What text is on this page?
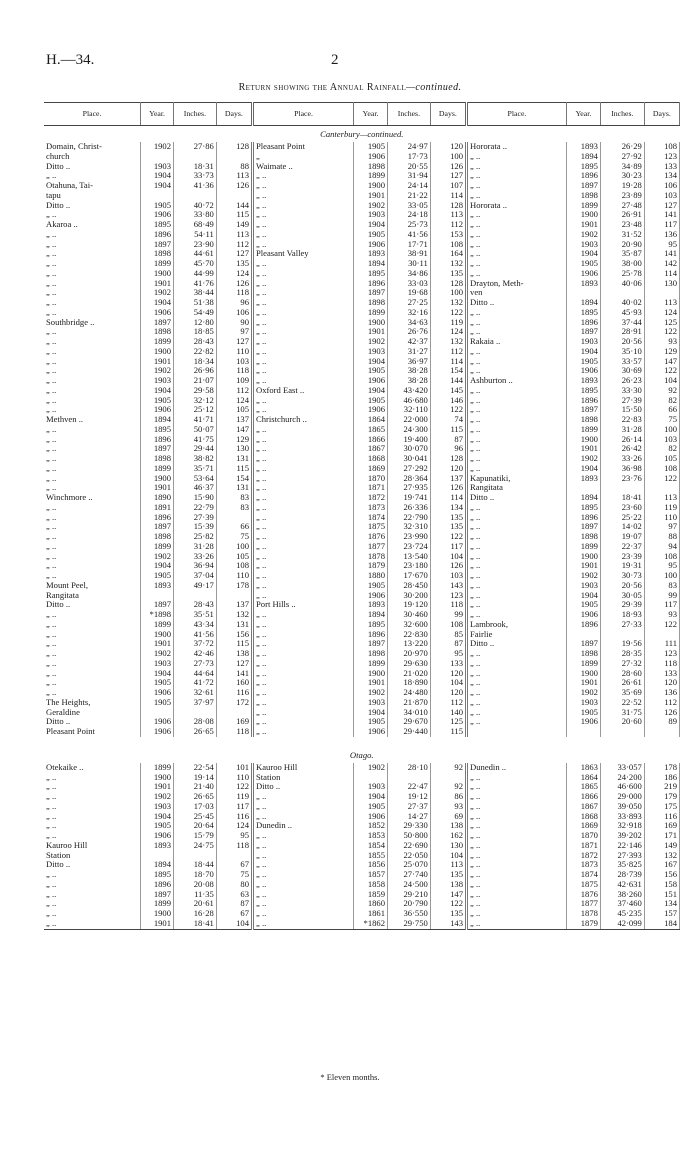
H.—34.	2
Return showing the Annual Rainfall—continued.
Place.	Year.	Inches.	Days.	Place.	Year.	Inches.	Days.	Place.	Year.	Inches.	Days.
Canterbury—continued.											
Domain, Christ-	1902	27·86	128	Pleasant Point	1905	24·97	120	Hororata ..	1893	26·29	108
church				„	1906	17·73	100	„ ..	1894	27·92	123
Ditto ..	1903	18·31	88	Waimate ..	1898	20·55	126	„ ..	1895	34·89	133
„ ..	1904	33·73	113	„ ..	1899	31·94	127	„ ..	1896	30·23	134
Otahuna, Tai-	1904	41·36	126	„ ..	1900	24·14	107	„ ..	1897	19·28	106
tapu				„ ..	1901	21·22	114	„ ..	1898	23·89	103
Ditto ..	1905	40·72	144	„ ..	1902	33·05	128	Hororata ..	1899	27·48	127
„ ..	1906	33·80	115	„ ..	1903	24·18	113	„ ..	1900	26·91	141
Akaroa ..	1895	68·49	149	„ ..	1904	25·73	112	„ ..	1901	23·48	117
„ ..	1896	54·11	113	„ ..	1905	41·56	153	„ ..	1902	31·52	136
„ ..	1897	23·90	112	„ ..	1906	17·71	108	„ ..	1903	20·90	95
„ ..	1898	44·61	127	Pleasant Valley	1893	38·91	164	„ ..	1904	35·87	141
„ ..	1899	45·70	135	„ ..	1894	30·11	132	„ ..	1905	38·00	142
„ ..	1900	44·99	124	„ ..	1895	34·86	135	„ ..	1906	25·78	114
„ ..	1901	41·76	126	„ ..	1896	33·03	128	Drayton, Meth-	1893	40·06	130
„ ..	1902	38·44	118	„ ..	1897	19·68	100	ven			
„ ..	1904	51·38	96	„ ..	1898	27·25	132	Ditto ..	1894	40·02	113
„ ..	1906	54·49	106	„ ..	1899	32·16	122	„ ..	1895	45·93	124
Southbridge ..	1897	12·80	90	„ ..	1900	34·63	119	„ ..	1896	37·44	125
„ ..	1898	18·85	97	„ ..	1901	26·76	124	„ ..	1897	28·91	122
„ ..	1899	28·43	127	„ ..	1902	42·37	132	Rakaia ..	1903	20·56	93
„ ..	1900	22·82	110	„ ..	1903	31·27	112	„ ..	1904	35·10	129
„ ..	1901	18·34	103	„ ..	1904	36·97	114	„ ..	1905	33·57	147
„ ..	1902	26·96	118	„ ..	1905	38·28	154	„ ..	1906	30·69	122
„ ..	1903	21·07	109	„ ..	1906	38·28	144	Ashburton ..	1893	26·23	104
„ ..	1904	29·58	112	Oxford East ..	1904	43·420	145	„ ..	1895	33·30	92
„ ..	1905	32·12	124	„ ..	1905	46·680	146	„ ..	1896	27·39	82
„ ..	1906	25·12	105	„ ..	1906	32·110	122	„ ..	1897	15·50	66
Methven ..	1894	41·71	137	Christchurch ..	1864	22·000	74	„ ..	1898	22·83	75
„ ..	1895	50·07	147	„ ..	1865	24·300	115	„ ..	1899	31·28	100
„ ..	1896	41·75	129	„ ..	1866	19·400	87	„ ..	1900	26·14	103
„ ..	1897	29·44	130	„ ..	1867	30·070	96	„ ..	1901	26·42	82
„ ..	1898	38·82	131	„ ..	1868	30·041	128	„ ..	1902	33·26	105
„ ..	1899	35·71	115	„ ..	1869	27·292	120	„ ..	1904	36·98	108
„ ..	1900	53·64	154	„ ..	1870	28·364	137	Kapunatiki,	1893	23·76	122
„ ..	1901	46·37	131	„ ..	1871	27·935	126	Rangitata			
Winchmore ..	1890	15·90	83	„ ..	1872	19·741	114	Ditto ..	1894	18·41	113
„ ..	1891	22·79	83	„ ..	1873	26·336	134	„ ..	1895	23·60	119
„ ..	1896	27·39		„ ..	1874	22·790	135	„ ..	1896	25·22	110
„ ..	1897	15·39	66	„ ..	1875	32·310	135	„ ..	1897	14·02	97
„ ..	1898	25·82	75	„ ..	1876	23·990	122	„ ..	1898	19·07	88
„ ..	1899	31·28	100	„ ..	1877	23·724	117	„ ..	1899	22·37	94
„ ..	1902	33·26	105	„ ..	1878	13·540	104	„ ..	1900	23·39	108
„ ..	1904	36·94	108	„ ..	1879	23·180	126	„ ..	1901	19·31	95
„ ..	1905	37·04	110	„ ..	1880	17·670	103	„ ..	1902	30·73	100
Mount Peel,	1893	49·17	178	„ ..	1905	28·450	143	„ ..	1903	20·56	83
Rangitata				„ ..	1906	30·200	123	„ ..	1904	30·05	99
Ditto ..	1897	28·43	137	Port Hills ..	1893	19·120	118	„ ..	1905	29·39	117
„ ..	*1898	35·51	132	„ ..	1894	30·460	99	„ ..	1906	18·93	93
„ ..	1899	43·34	131	„ ..	1895	32·600	108	Lambrook,	1896	27·33	122
„ ..	1900	41·56	156	„ ..	1896	22·830	85	Fairlie			
„ ..	1901	37·72	115	„ ..	1897	13·220	87	Ditto ..	1897	19·56	111
„ ..	1902	42·46	138	„ ..	1898	20·970	95	„ ..	1898	28·35	123
„ ..	1903	27·73	127	„ ..	1899	29·630	133	„ ..	1899	27·32	118
„ ..	1904	44·64	141	„ ..	1900	21·020	120	„ ..	1900	28·60	133
„ ..	1905	41·72	160	„ ..	1901	18·890	104	„ ..	1901	26·61	120
„ ..	1906	32·61	116	„ ..	1902	24·480	120	„ ..	1902	35·69	136
The Heights,	1905	37·97	172	„ ..	1903	21·870	112	„ ..	1903	22·52	112
Geraldine				„ ..	1904	34·010	140	„ ..	1905	31·75	126
Ditto ..	1906	28·08	169	„ ..	1905	29·670	125	„ ..	1906	20·60	89
Pleasant Point	1906	26·65	118	„ ..	1906	29·440	115				

Otago.											
Otekaike ..	1899	22·54	101	Kauroo Hill	1902	28·10	92	Dunedin ..	1863	33·057	178
„ ..	1900	19·14	110	Station				„ ..	1864	24·200	186
„ ..	1901	21·40	122	Ditto ..	1903	22·47	92	„ ..	1865	46·600	219
„ ..	1902	26·65	119	„ ..	1904	19·12	86	„ ..	1866	29·000	179
„ ..	1903	17·03	117	„ ..	1905	27·37	93	„ ..	1867	39·050	175
„ ..	1904	25·45	116	„ ..	1906	14·27	69	„ ..	1868	33·893	116
„ ..	1905	20·64	124	Dunedin ..	1852	29·330	138	„ ..	1869	32·918	169
„ ..	1906	15·79	95	„ ..	1853	50·800	162	„ ..	1870	39·202	171
Kauroo Hill	1893	24·75	118	„ ..	1854	22·690	130	„ ..	1871	22·146	149
Station				„ ..	1855	22·050	104	„ ..	1872	27·393	132
Ditto ..	1894	18·44	67	„ ..	1856	25·070	113	„ ..	1873	35·825	167
„ ..	1895	18·70	75	„ ..	1857	27·740	135	„ ..	1874	28·739	156
„ ..	1896	20·08	80	„ ..	1858	24·500	138	„ ..	1875	42·631	158
„ ..	1897	11·35	63	„ ..	1859	29·210	147	„ ..	1876	38·260	151
„ ..	1899	20·61	87	„ ..	1860	20·790	122	„ ..	1877	37·460	134
„ ..	1900	16·28	67	„ ..	1861	36·550	135	„ ..	1878	45·235	157
„ ..	1901	18·41	104	„ ..	*1862	29·750	143	„ ..	1879	42·099	184
* Eleven months.
